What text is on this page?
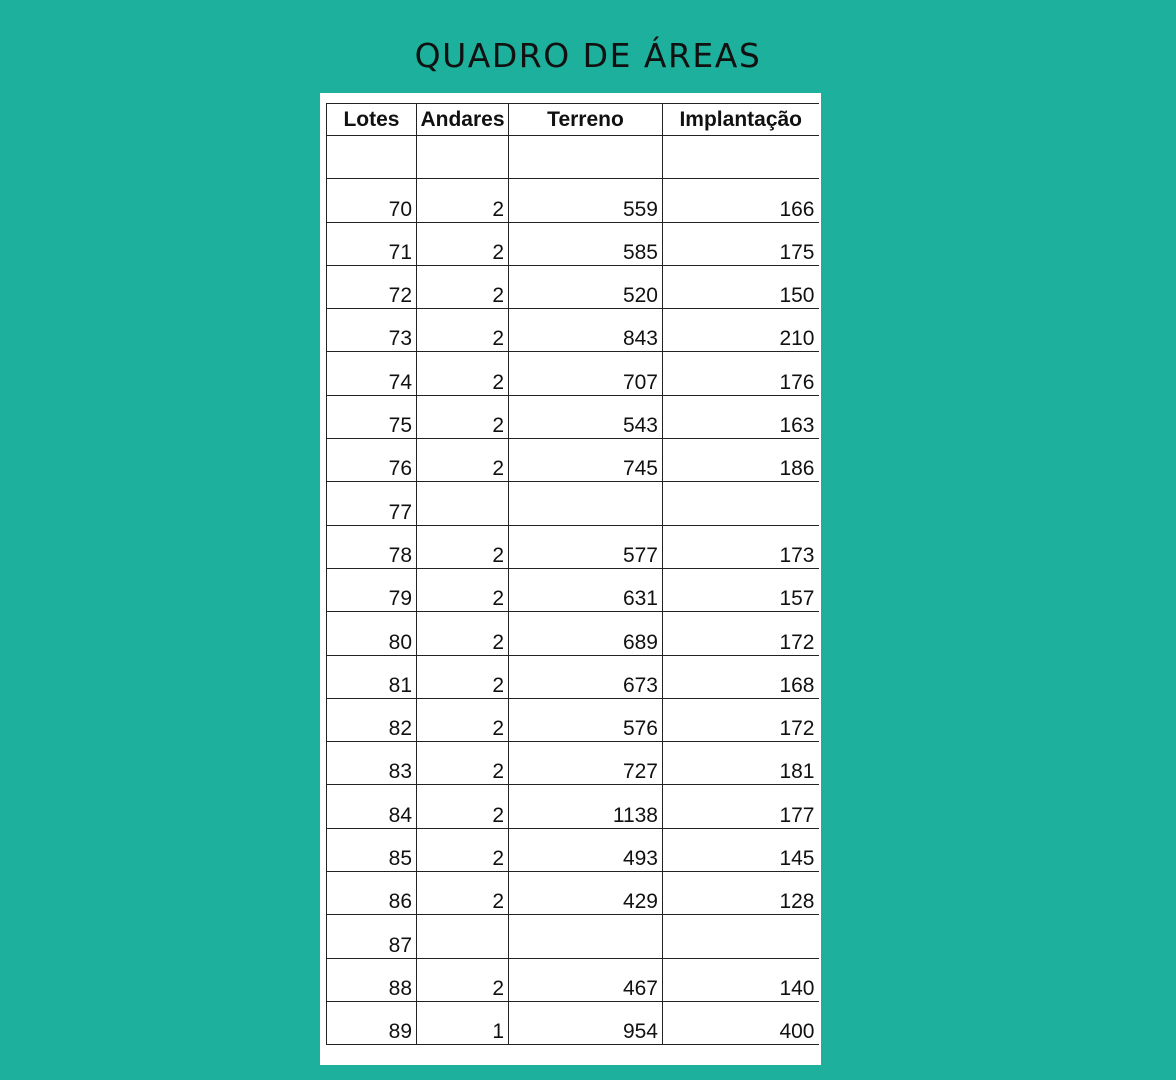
QUADRO DE ÁREAS
Lotes	Andares	Terreno	Implantação

70	2	559	166
71	2	585	175
72	2	520	150
73	2	843	210
74	2	707	176
75	2	543	163
76	2	745	186
77			
78	2	577	173
79	2	631	157
80	2	689	172
81	2	673	168
82	2	576	172
83	2	727	181
84	2	1138	177
85	2	493	145
86	2	429	128
87			
88	2	467	140
89	1	954	400
